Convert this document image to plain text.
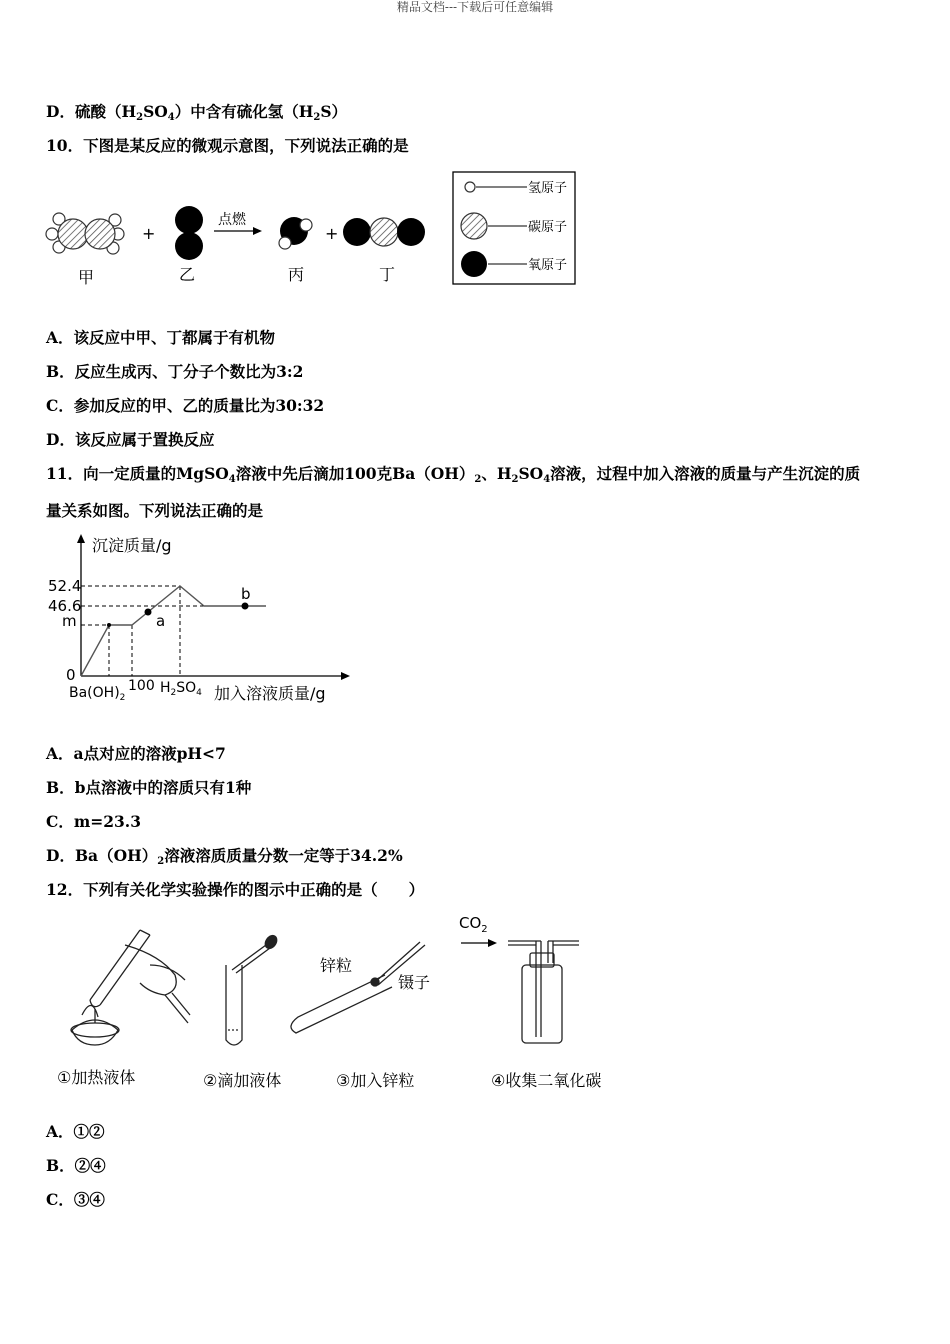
精品文档---下载后可任意编辑
D．硫酸$(H_2SO_4)$中含有硫化氢$(H_2S)$
10．下图是某反应的微观示意图，下列说法正确的是
+
点燃
+
甲	乙	丙	丁
氢原子
碳原子
氧原子
A．该反应中甲、丁都属于有机物
B．反应生成丙、丁分子个数比为3:2
C．参加反应的甲、乙的质量比为30:32
D．该反应属于置换反应
11．向一定质量的MgSO$_4$溶液中先后滴加100克$Ba(OH)_2$、$H_2SO_4$溶液，过程中加入溶液的质量与产生沉淀的质
量关系如图。下列说法正确的是
沉淀质量/g
加入溶液质量/g
52.4
46.6
m
0
a
b
$Ba(OH)_2$
100 $H_2SO_4$
A．a点对应的溶液pH<7
B．b点溶液中的溶质只有1种
C．m=23.3
D．$Ba(OH)_2$溶液溶质质量分数一定等于34.2%
12．下列有关化学实验操作的图示中正确的是（　　）
①加热液体	②滴加液体
锌粒
镊子
③加入锌粒
$CO_2$
④收集二氧化碳
A．①②
B．②④
C．③④
